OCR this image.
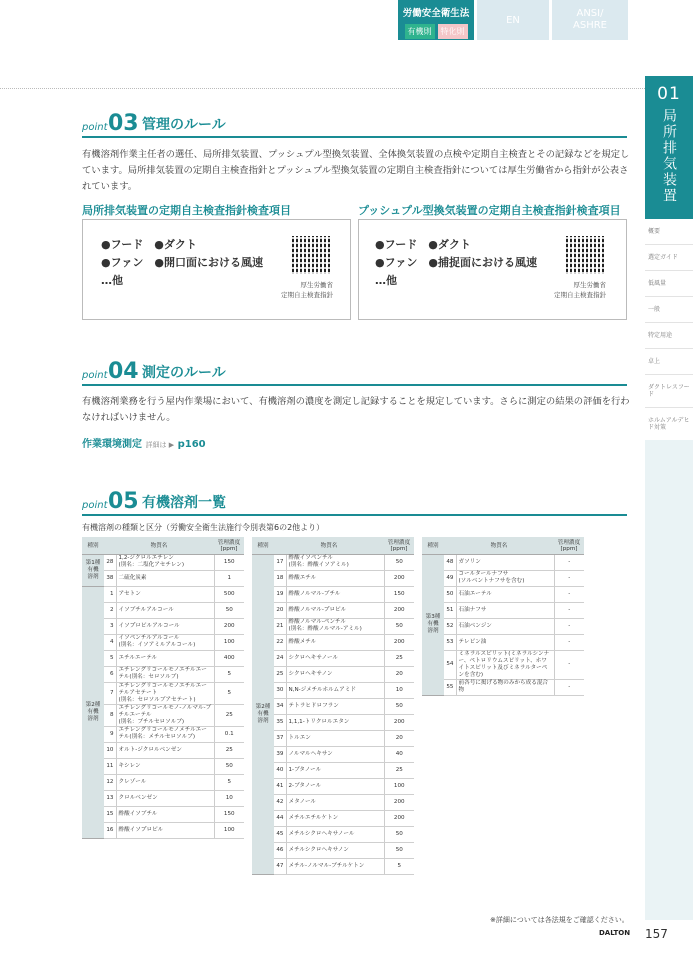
労働安全衛生法
有機則	特化則
EN
ANSI/
ASHRE
01
局所排気装置
概要
選定ガイド
低風量
一般
特定用途
卓上
ダクトレスフード
ホルムアルデヒド対策
point 03 管理のルール
有機溶剤作業主任者の選任、局所排気装置、プッシュプル型換気装置、全体換気装置の点検や定期自主検査とその記録などを規定しています。局所排気装置の定期自主検査指針とプッシュプル型換気装置の定期自主検査指針については厚生労働省から指針が公表されています。
局所排気装置の定期自主検査指針検査項目
●フード　●ダクト
●ファン　●開口面における風速
…他	厚生労働省
定期自主検査指針
プッシュプル型換気装置の定期自主検査指針検査項目
●フード　●ダクト
●ファン　●捕捉面における風速
…他	厚生労働省
定期自主検査指針
point 04 測定のルール
有機溶剤業務を行う屋内作業場において、有機溶剤の濃度を測定し記録することを規定しています。さらに測定の結果の評価を行わなければいけません。
作業環境測定 詳細は ▶ p160
point 05 有機溶剤一覧
有機溶剤の種類と区分（労働安全衛生法施行令別表第6の2他より）
種別	物質名		管理濃度
[ppm]
第1種
有機
溶剤	28	1,2-ジクロルエチレン
(別名：二塩化アセチレン)	150
	38	二硫化炭素	1
第2種
有機
溶剤	1	アセトン	500
	2	イソブチルアルコール	50
	3	イソプロピルアルコール	200
	4	イソペンチルアルコール
(別名：イソアミルアルコール)	100
	5	エチルエーテル	400
	6	エチレングリコールモノエチルエーテル(別名：セロソルブ)	5
	7	エチレングリコールモノエチルエーテルアセテート
(別名：セロソルブアセテート)	5
	8	エチレングリコールモノ-ノルマル-ブチルエーテル
(別名：ブチルセロソルブ)	25
	9	エチレングリコールモノメチルエーテル(別名：メチルセロソルブ)	0.1
	10	オルト-ジクロルベンゼン	25
	11	キシレン	50
	12	クレゾール	5
	13	クロルベンゼン	10
	15	酢酸イソブチル	150
	16	酢酸イソプロピル	100
種別	物質名		管理濃度
[ppm]
第2種
有機
溶剤	17	酢酸イソペンチル
(別名：酢酸イソアミル)	50
	18	酢酸エチル	200
	19	酢酸ノルマル-ブチル	150
	20	酢酸ノルマル-プロピル	200
	21	酢酸ノルマル-ペンチル
(別名：酢酸ノルマル-アミル)	50
	22	酢酸メチル	200
	24	シクロヘキサノール	25
	25	シクロヘキサノン	20
	30	N,N-ジメチルホルムアミド	10
	34	テトラヒドロフラン	50
	35	1,1,1-トリクロルエタン	200
	37	トルエン	20
	39	ノルマルヘキサン	40
	40	1-ブタノール	25
	41	2-ブタノール	100
	42	メタノール	200
	44	メチルエチルケトン	200
	45	メチルシクロヘキサノール	50
	46	メチルシクロヘキサノン	50
	47	メチル-ノルマル-ブチルケトン	5
種別	物質名		管理濃度
[ppm]
第3種
有機
溶剤	48	ガソリン	-
	49	コールタールナフサ
(ソルベントナフサを含む)	-
	50	石油エーテル	-
	51	石油ナフサ	-
	52	石油ベンジン	-
	53	テレビン油	-
	54	ミネラルスピリット(ミネラルシンナー、ペトロリウムスピリット、ホワイトスピリット及びミネラルターペンを含む)	-
	55	前各号に掲げる物のみから成る混合物	-
※詳細については各法規をご確認ください。
DALTON 157
